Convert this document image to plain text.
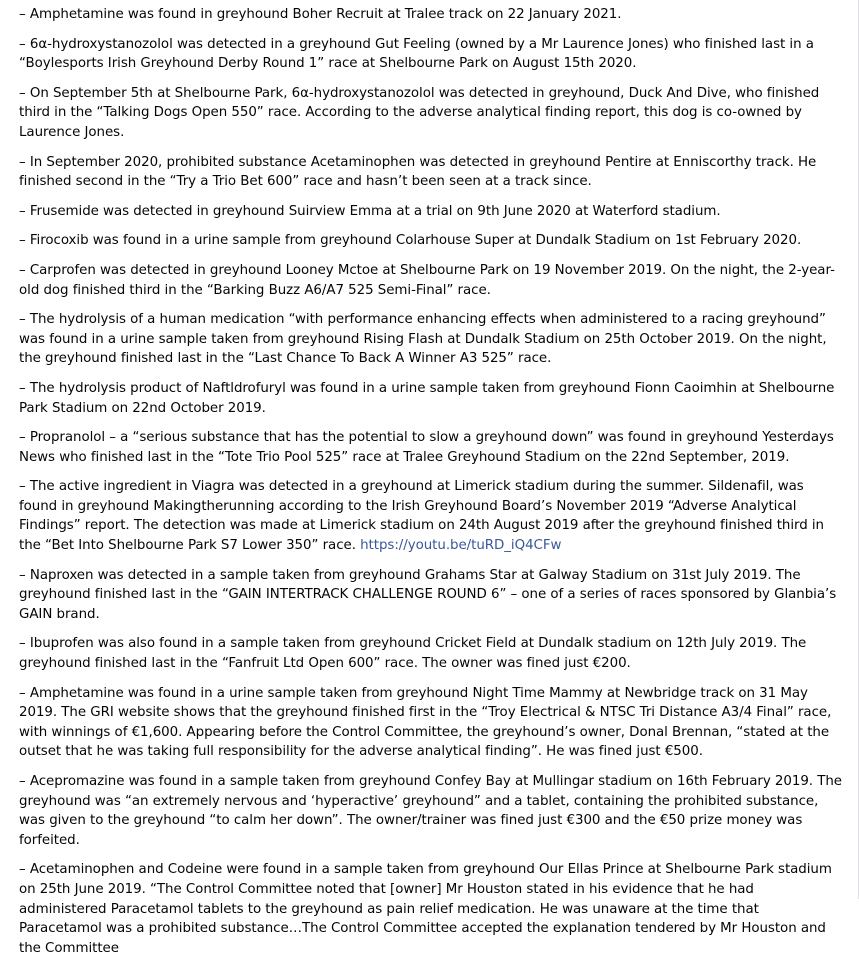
– Amphetamine was found in greyhound Boher Recruit at Tralee track on 22 January 2021.

– 6α-hydroxystanozolol was detected in a greyhound Gut Feeling (owned by a Mr Laurence Jones) who finished last in a “Boylesports Irish Greyhound Derby Round 1” race at Shelbourne Park on August 15th 2020.

– On September 5th at Shelbourne Park, 6α-hydroxystanozolol was detected in greyhound, Duck And Dive, who finished third in the “Talking Dogs Open 550” race. According to the adverse analytical finding report, this dog is co-owned by Laurence Jones.

– In September 2020, prohibited substance Acetaminophen was detected in greyhound Pentire at Enniscorthy track. He finished second in the “Try a Trio Bet 600” race and hasn’t been seen at a track since.

– Frusemide was detected in greyhound Suirview Emma at a trial on 9th June 2020 at Waterford stadium.

– Firocoxib was found in a urine sample from greyhound Colarhouse Super at Dundalk Stadium on 1st February 2020.

– Carprofen was detected in greyhound Looney Mctoe at Shelbourne Park on 19 November 2019. On the night, the 2-year-old dog finished third in the “Barking Buzz A6/A7 525 Semi-Final” race.

– The hydrolysis of a human medication “with performance enhancing effects when administered to a racing greyhound” was found in a urine sample taken from greyhound Rising Flash at Dundalk Stadium on 25th October 2019. On the night, the greyhound finished last in the “Last Chance To Back A Winner A3 525” race.

– The hydrolysis product of Naftldrofuryl was found in a urine sample taken from greyhound Fionn Caoimhin at Shelbourne Park Stadium on 22nd October 2019.

– Propranolol – a “serious substance that has the potential to slow a greyhound down” was found in greyhound Yesterdays News who finished last in the “Tote Trio Pool 525” race at Tralee Greyhound Stadium on the 22nd September, 2019.

– The active ingredient in Viagra was detected in a greyhound at Limerick stadium during the summer. Sildenafil, was found in greyhound Makingtherunning according to the Irish Greyhound Board’s November 2019 “Adverse Analytical Findings” report. The detection was made at Limerick stadium on 24th August 2019 after the greyhound finished third in the “Bet Into Shelbourne Park S7 Lower 350” race. https://youtu.be/tuRD_iQ4CFw

– Naproxen was detected in a sample taken from greyhound Grahams Star at Galway Stadium on 31st July 2019. The greyhound finished last in the “GAIN INTERTRACK CHALLENGE ROUND 6” – one of a series of races sponsored by Glanbia’s GAIN brand.

– Ibuprofen was also found in a sample taken from greyhound Cricket Field at Dundalk stadium on 12th July 2019. The greyhound finished last in the “Fanfruit Ltd Open 600” race. The owner was fined just €200.

– Amphetamine was found in a urine sample taken from greyhound Night Time Mammy at Newbridge track on 31 May 2019. The GRI website shows that the greyhound finished first in the “Troy Electrical & NTSC Tri Distance A3/4 Final” race, with winnings of €1,600. Appearing before the Control Committee, the greyhound’s owner, Donal Brennan, “stated at the outset that he was taking full responsibility for the adverse analytical finding”. He was fined just €500.

– Acepromazine was found in a sample taken from greyhound Confey Bay at Mullingar stadium on 16th February 2019. The greyhound was “an extremely nervous and ‘hyperactive’ greyhound” and a tablet, containing the prohibited substance, was given to the greyhound “to calm her down”. The owner/trainer was fined just €300 and the €50 prize money was forfeited.

– Acetaminophen and Codeine were found in a sample taken from greyhound Our Ellas Prince at Shelbourne Park stadium on 25th June 2019. “The Control Committee noted that [owner] Mr Houston stated in his evidence that he had administered Paracetamol tablets to the greyhound as pain relief medication. He was unaware at the time that Paracetamol was a prohibited substance…The Control Committee accepted the explanation tendered by Mr Houston and the Committee
